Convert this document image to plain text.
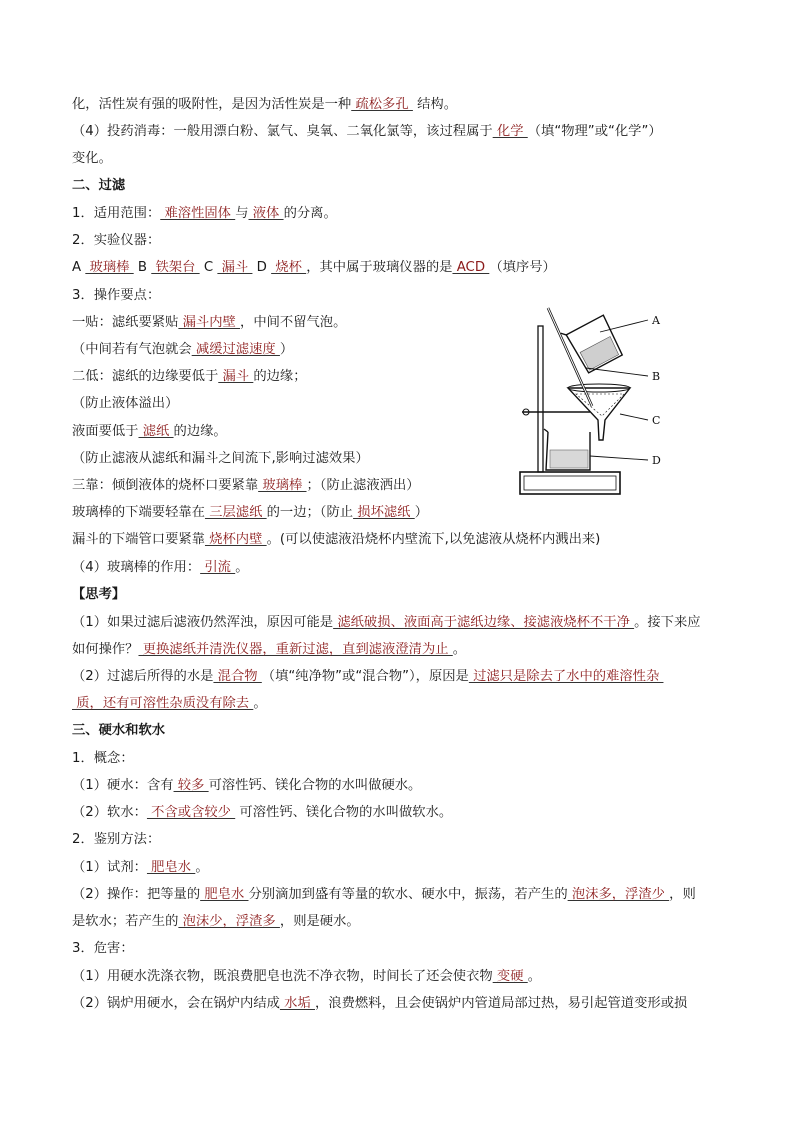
化，活性炭有强的吸附性，是因为活性炭是一种 疏松多孔  结构。
（4）投药消毒：一般用漂白粉、氯气、臭氧、二氧化氯等，该过程属于 化学 （填“物理”或“化学”）
变化。
二、过滤
1．适用范围： 难溶性固体 与 液体 的分离。
2．实验仪器：
A  玻璃棒  B  铁架台  C  漏斗  D  烧杯 ，其中属于玻璃仪器的是 ACD （填序号）
3．操作要点：
一贴：滤纸要紧贴 漏斗内壁 ，中间不留气泡。
（中间若有气泡就会 减缓过滤速度 ）
二低：滤纸的边缘要低于 漏斗 的边缘；
（防止液体溢出）
液面要低于 滤纸 的边缘。
（防止滤液从滤纸和漏斗之间流下,影响过滤效果）
三靠：倾倒液体的烧杯口要紧靠 玻璃棒 ；（防止滤液洒出）
玻璃棒的下端要轻靠在 三层滤纸 的一边；（防止 损坏滤纸 ）
漏斗的下端管口要紧靠 烧杯内壁 。(可以使滤液沿烧杯内壁流下,以免滤液从烧杯内溅出来)
（4）玻璃棒的作用： 引流 。
【思考】
（1）如果过滤后滤液仍然浑浊，原因可能是 滤纸破损、液面高于滤纸边缘、接滤液烧杯不干净 。接下来应
如何操作？ 更换滤纸并清洗仪器，重新过滤，直到滤液澄清为止 。
（2）过滤后所得的水是 混合物 （填“纯净物”或“混合物”），原因是 过滤只是除去了水中的难溶性杂
质，还有可溶性杂质没有除去 。
三、硬水和软水
1．概念：
（1）硬水：含有 较多 可溶性钙、镁化合物的水叫做硬水。
（2）软水： 不含或含较少  可溶性钙、镁化合物的水叫做软水。
2．鉴别方法：
（1）试剂： 肥皂水 。
（2）操作：把等量的 肥皂水 分别滴加到盛有等量的软水、硬水中，振荡，若产生的 泡沫多，浮渣少 ，则
是软水；若产生的 泡沫少，浮渣多 ，则是硬水。
3．危害：
（1）用硬水洗涤衣物，既浪费肥皂也洗不净衣物，时间长了还会使衣物 变硬 。
（2）锅炉用硬水，会在锅炉内结成 水垢 ，浪费燃料，且会使锅炉内管道局部过热，易引起管道变形或损
A
B
C
D
